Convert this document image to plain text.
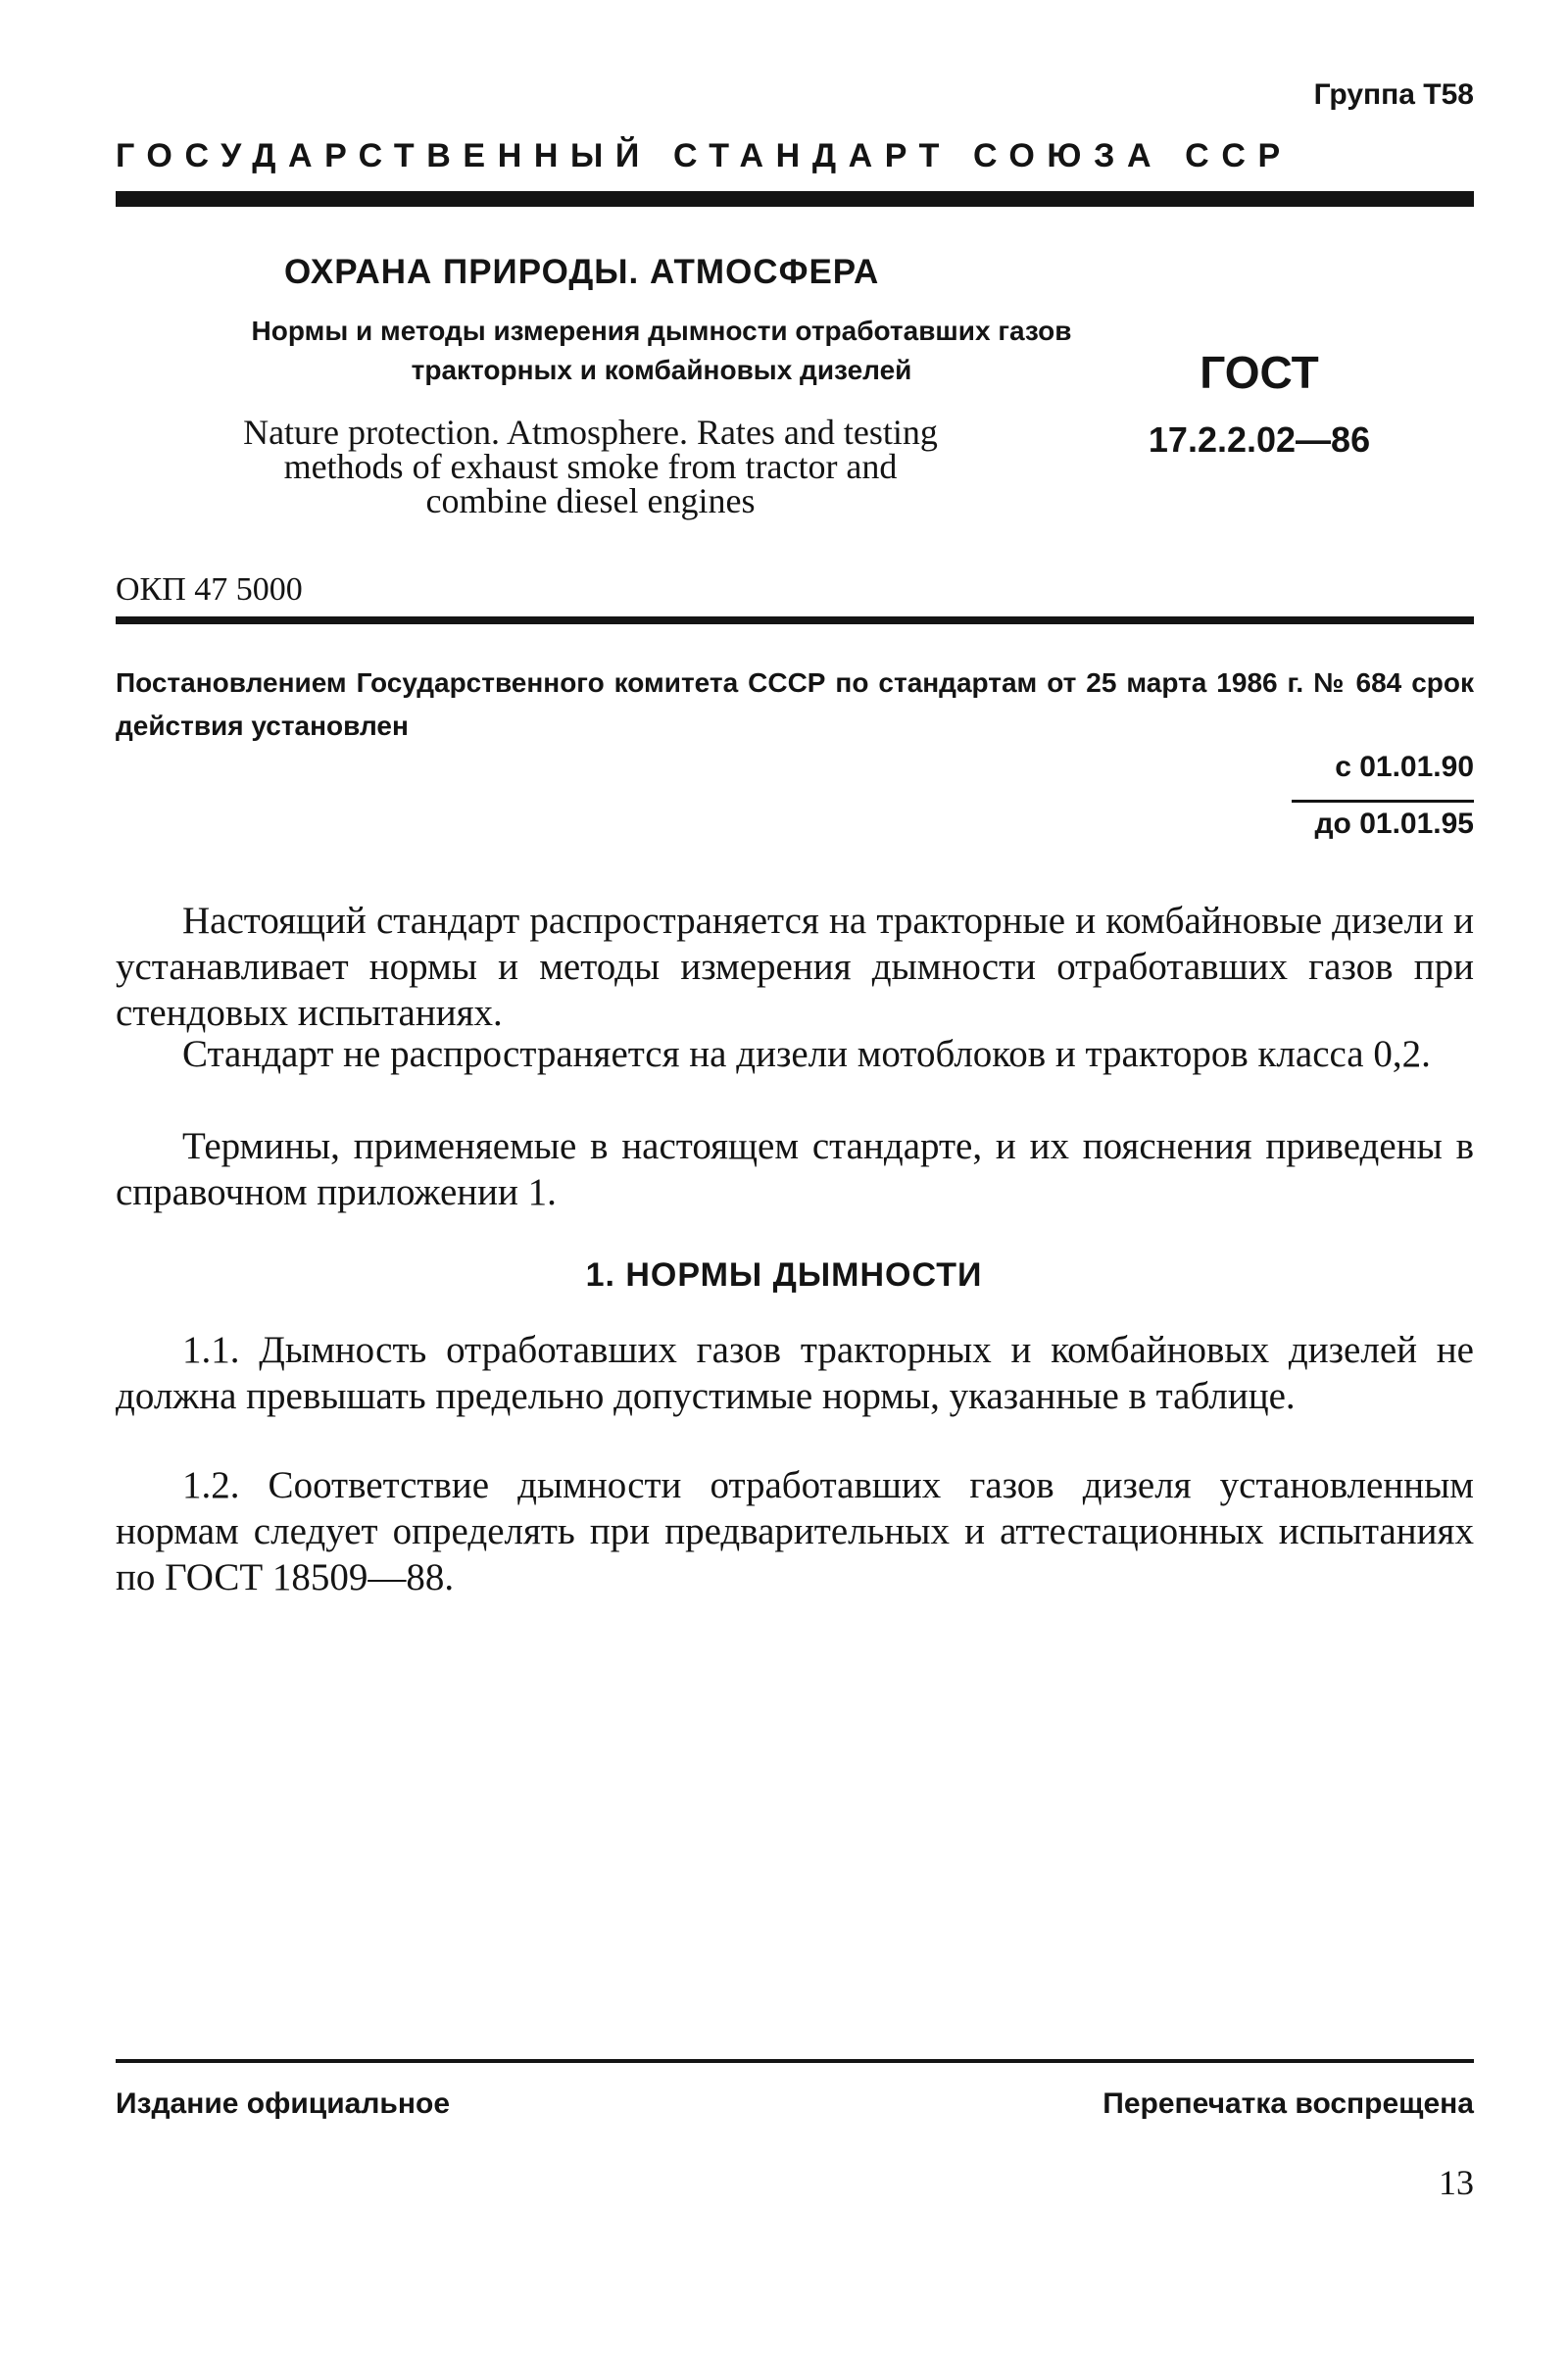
Группа Т58
ГОСУДАРСТВЕННЫЙ СТАНДАРТ СОЮЗА ССР
ОХРАНА ПРИРОДЫ. АТМОСФЕРА
Нормы и методы измерения дымности отработавших газов тракторных и комбайновых дизелей
Nature protection. Atmosphere. Rates and testing methods of exhaust smoke from tractor and combine diesel engines
ГОСТ
17.2.2.02—86
ОКП 47 5000
Постановлением Государственного комитета СССР по стандартам от 25 марта 1986 г. № 684 срок действия установлен
с 01.01.90
до 01.01.95
Настоящий стандарт распространяется на тракторные и комбайновые дизели и устанавливает нормы и методы измерения дымности отработавших газов при стендовых испытаниях.
Стандарт не распространяется на дизели мотоблоков и тракторов класса 0,2.
Термины, применяемые в настоящем стандарте, и их пояснения приведены в справочном приложении 1.
1. НОРМЫ ДЫМНОСТИ
1.1. Дымность отработавших газов тракторных и комбайновых дизелей не должна превышать предельно допустимые нормы, указанные в таблице.
1.2. Соответствие дымности отработавших газов дизеля установленным нормам следует определять при предварительных и аттестационных испытаниях по ГОСТ 18509—88.
Издание официальное	Перепечатка воспрещена
13
